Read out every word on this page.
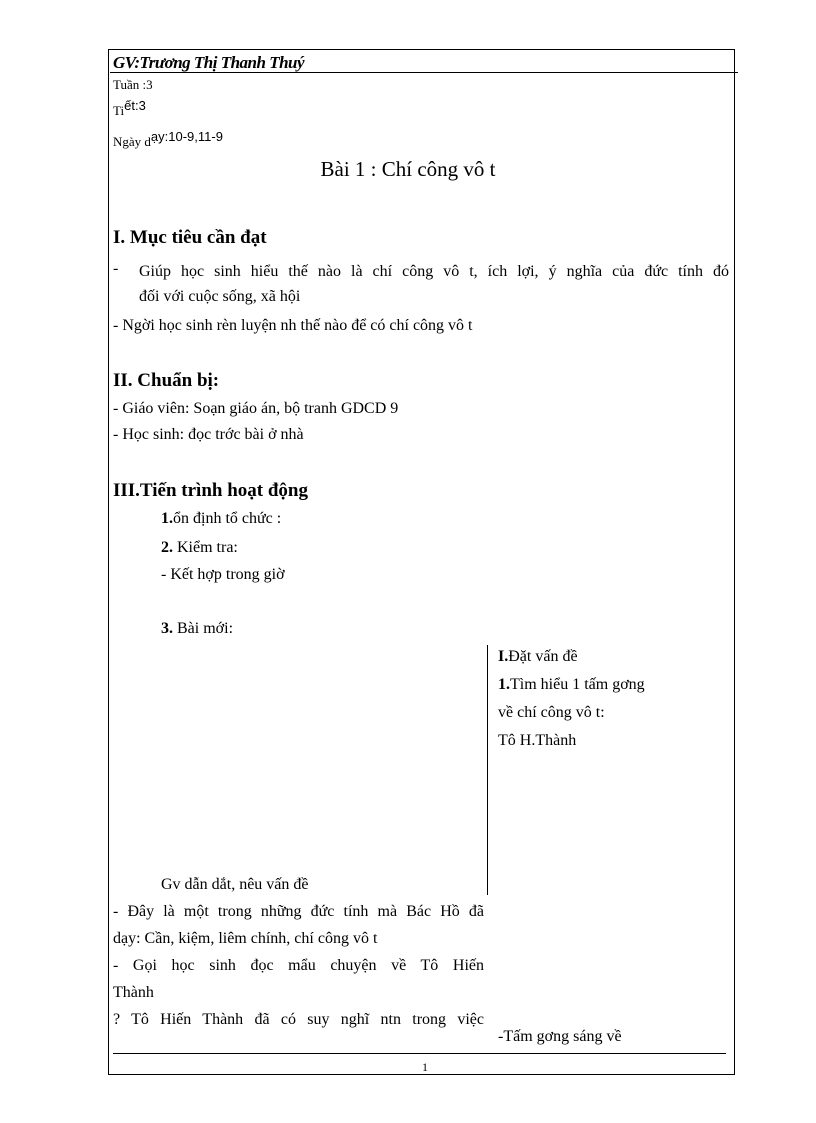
GV:Trương Thị Thanh Thuý
Tuần :3
$_{Ti}$ết:3
$_{Ngày d}$ạy:10-9,11-9
Bài 1 : Chí công vô t
I. Mục tiêu cần đạt
- Giúp học sinh hiểu thế nào là chí công vô t, ích lợi, ý nghĩa của đức tính đó
đối với cuộc sống, xã hội
- Ngời học sinh rèn luyện nh thế nào để có chí công vô t
II. Chuẩn bị:
- Giáo viên: Soạn giáo án, bộ tranh GDCD 9
- Học sinh: đọc trớc bài ở nhà
III.Tiến trình hoạt động
1.ổn định tổ chức :
2. Kiểm tra:
- Kết hợp trong giờ
3. Bài mới:
I.Đặt vấn đề
1.Tìm hiểu 1 tấm gơng
về chí công vô t:
Tô H.Thành
Gv dẫn dắt, nêu vấn đề
- Đây là một trong những đức tính mà Bác Hồ đã
dạy: Cần, kiệm, liêm chính, chí công vô t
- Gọi học sinh đọc mẩu chuyện về Tô Hiến
Thành
? Tô Hiến Thành đã có suy nghĩ ntn trong việc
-Tấm gơng sáng về
1
